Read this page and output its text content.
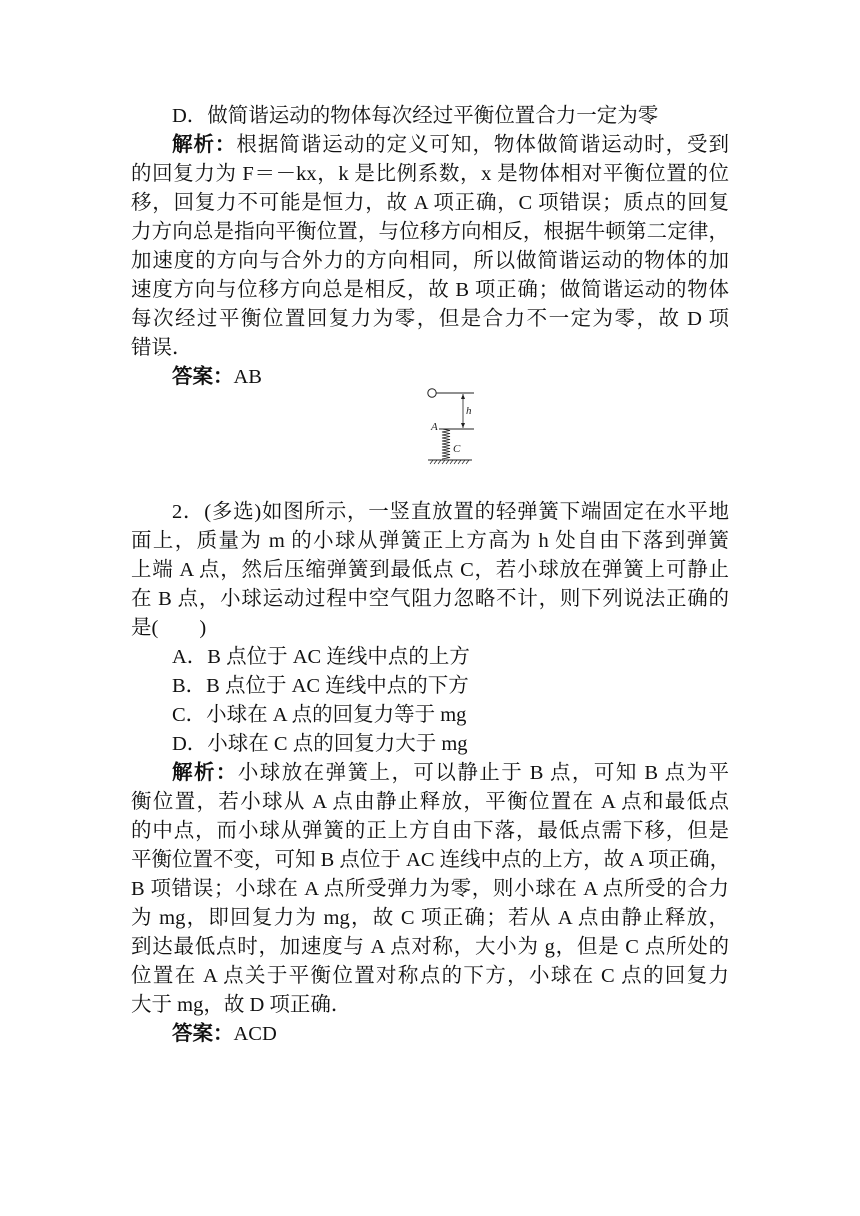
D．做简谐运动的物体每次经过平衡位置合力一定为零
解析：根据简谐运动的定义可知，物体做简谐运动时，受到
的回复力为 F＝－kx，k 是比例系数，x 是物体相对平衡位置的位
移，回复力不可能是恒力，故 A 项正确，C 项错误；质点的回复
力方向总是指向平衡位置，与位移方向相反，根据牛顿第二定律，
加速度的方向与合外力的方向相同，所以做简谐运动的物体的加
速度方向与位移方向总是相反，故 B 项正确；做简谐运动的物体
每次经过平衡位置回复力为零，但是合力不一定为零，故 D 项
错误．
答案：AB
h
A
C
2．(多选)如图所示，一竖直放置的轻弹簧下端固定在水平地
面上，质量为 m 的小球从弹簧正上方高为 h 处自由下落到弹簧
上端 A 点，然后压缩弹簧到最低点 C，若小球放在弹簧上可静止
在 B 点，小球运动过程中空气阻力忽略不计，则下列说法正确的
是(　　)
A．B 点位于 AC 连线中点的上方
B．B 点位于 AC 连线中点的下方
C．小球在 A 点的回复力等于 mg
D．小球在 C 点的回复力大于 mg
解析：小球放在弹簧上，可以静止于 B 点，可知 B 点为平
衡位置，若小球从 A 点由静止释放，平衡位置在 A 点和最低点
的中点，而小球从弹簧的正上方自由下落，最低点需下移，但是
平衡位置不变，可知 B 点位于 AC 连线中点的上方，故 A 项正确，
B 项错误；小球在 A 点所受弹力为零，则小球在 A 点所受的合力
为 mg，即回复力为 mg，故 C 项正确；若从 A 点由静止释放，
到达最低点时，加速度与 A 点对称，大小为 g，但是 C 点所处的
位置在 A 点关于平衡位置对称点的下方，小球在 C 点的回复力
大于 mg，故 D 项正确．
答案：ACD
